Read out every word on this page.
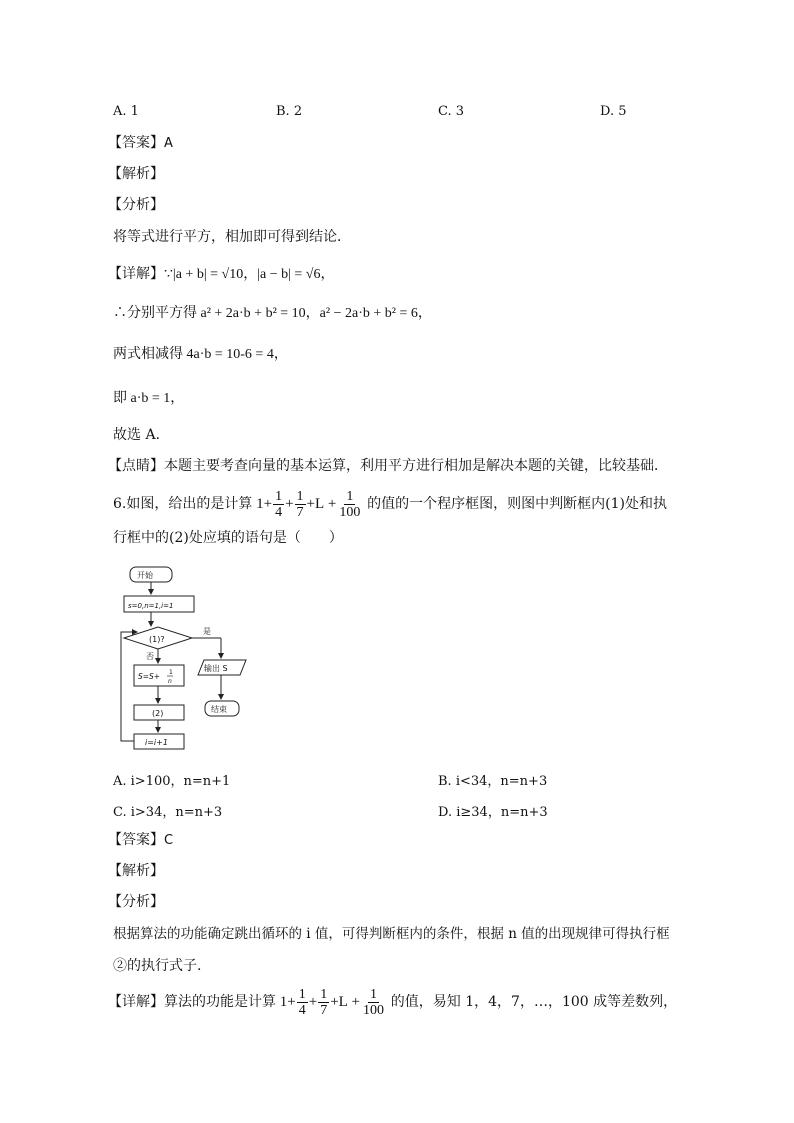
A. 1	B. 2	C. 3	D. 5
【答案】A
【解析】
【分析】
将等式进行平方，相加即可得到结论．
【详解】∵|a + b| = √10，|a − b| = √6，
∴分别平方得 a² + 2a·b + b² = 10，a² − 2a·b + b² = 6，
两式相减得 4a·b = 10-6 = 4，
即 a·b = 1，
故选 A.
【点睛】本题主要考查向量的基本运算，利用平方进行相加是解决本题的关键，比较基础．
6.如图，给出的是计算 $1+ \frac{1}{4} + \frac{1}{7} +L + \frac{1}{100}$ 的值的一个程序框图，则图中判断框内(1)处和执
行框中的(2)处应填的语句是（　　）
开始
s=0,n=1,i=1
(1)?
是
否
S=S+ 1
n
(2)
i=i+1
输出 S
结束
A. i>100，n=n+1	B. i<34，n=n+3
C. i>34，n=n+3	D. i≥34，n=n+3
【答案】C
【解析】
【分析】
根据算法的功能确定跳出循环的 i 值，可得判断框内的条件，根据 n 值的出现规律可得执行框
②的执行式子.
【详解】算法的功能是计算 $1+ \frac{1}{4} + \frac{1}{7} +L + \frac{1}{100}$ 的值，易知 1，4，7，…，100 成等差数列，
